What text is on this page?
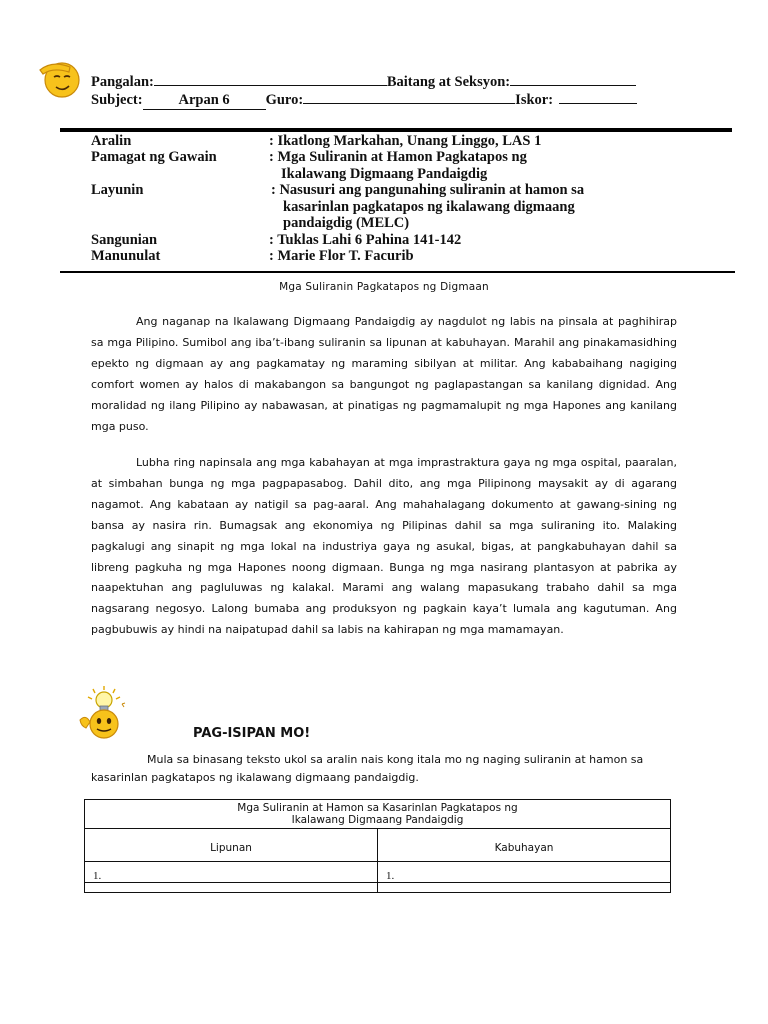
Pangalan:	Baitang at Seksyon:
Subject: Arpan 6 Guro:	Iskor:
Aralin	: Ikatlong Markahan, Unang Linggo, LAS 1
Pamagat ng Gawain	: Mga Suliranin at Hamon Pagkatapos ng
Ikalawang Digmaang Pandaigdig
Layunin	: Nasusuri ang pangunahing suliranin at hamon sa
kasarinlan pagkatapos ng ikalawang digmaang
pandaigdig (MELC)
Sangunian	: Tuklas Lahi 6 Pahina 141-142
Manunulat	: Marie Flor T. Facurib
Mga Suliranin Pagkatapos ng Digmaan

Ang naganap na Ikalawang Digmaang Pandaigdig ay nagdulot ng labis na pinsala at paghihirap sa mga Pilipino. Sumibol ang iba’t-ibang suliranin sa lipunan at kabuhayan. Marahil ang pinakamasidhing epekto ng digmaan ay ang pagkamatay ng maraming sibilyan at militar. Ang kababaihang nagiging comfort women ay halos di makabangon sa bangungot ng paglapastangan sa kanilang dignidad. Ang moralidad ng ilang Pilipino ay nabawasan, at pinatigas ng pagmamalupit ng mga Hapones ang kanilang mga puso.

Lubha ring napinsala ang mga kabahayan at mga imprastraktura gaya ng mga ospital, paaralan, at simbahan bunga ng mga pagpapasabog. Dahil dito, ang mga Pilipinong maysakit ay di agarang nagamot. Ang kabataan ay natigil sa pag-aaral. Ang mahahalagang dokumento at gawang-sining ng bansa ay nasira rin. Bumagsak ang ekonomiya ng Pilipinas dahil sa mga suliraning ito. Malaking pagkalugi ang sinapit ng mga lokal na industriya gaya ng asukal, bigas, at pangkabuhayan dahil sa libreng pagkuha ng mga Hapones noong digmaan. Bunga ng mga nasirang plantasyon at pabrika ay naapektuhan ang pagluluwas ng kalakal. Marami ang walang mapasukang trabaho dahil sa mga nagsarang negosyo. Lalong bumaba ang produksyon ng pagkain kaya’t lumala ang kagutuman. Ang pagbubuwis ay hindi na naipatupad dahil sa labis na kahirapan ng mga mamamayan.

PAG-ISIPAN MO!

Mula sa binasang teksto ukol sa aralin nais kong itala mo ng naging suliranin at hamon sa kasarinlan pagkatapos ng ikalawang digmaang pandaigdig.

Mga Suliranin at Hamon sa Kasarinlan Pagkatapos ng
Ikalawang Digmaang Pandaigdig	
Lipunan	Kabuhayan
1.	1.
